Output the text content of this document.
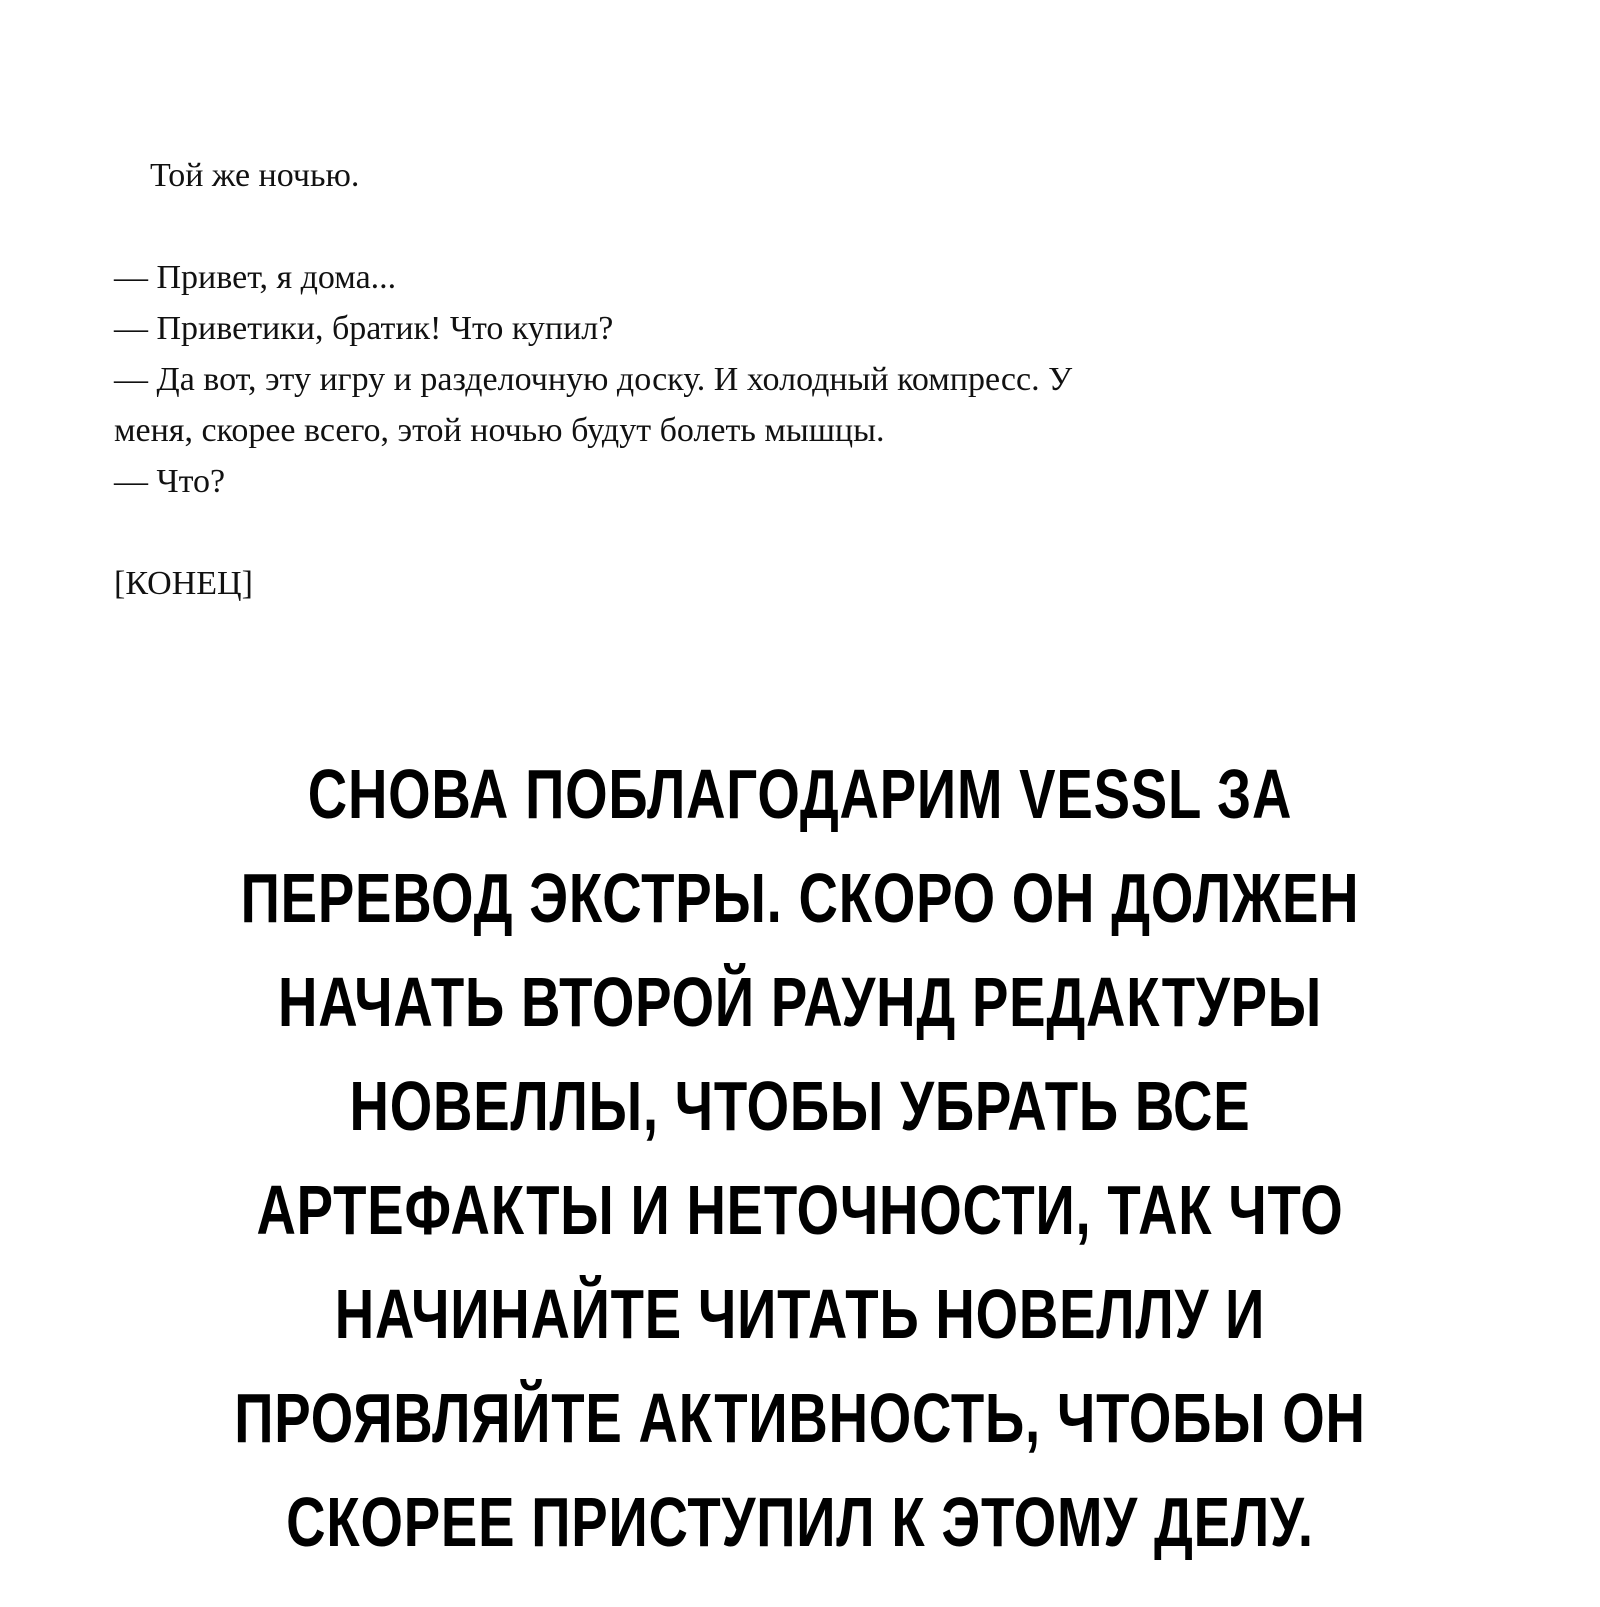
Той же ночью.

— Привет, я дома...

— Приветики, братик! Что купил?

— Да вот, эту игру и разделочную доску. И холодный компресс. У

меня, скорее всего, этой ночью будут болеть мышцы.

— Что?

[КОНЕЦ]

СНОВА ПОБЛАГОДАРИМ VESSL ЗА
ПЕРЕВОД ЭКСТРЫ. СКОРО ОН ДОЛЖЕН
НАЧАТЬ ВТОРОЙ РАУНД РЕДАКТУРЫ
НОВЕЛЛЫ, ЧТОБЫ УБРАТЬ ВСЕ
АРТЕФАКТЫ И НЕТОЧНОСТИ, ТАК ЧТО
НАЧИНАЙТЕ ЧИТАТЬ НОВЕЛЛУ И
ПРОЯВЛЯЙТЕ АКТИВНОСТЬ, ЧТОБЫ ОН
СКОРЕЕ ПРИСТУПИЛ К ЭТОМУ ДЕЛУ.
